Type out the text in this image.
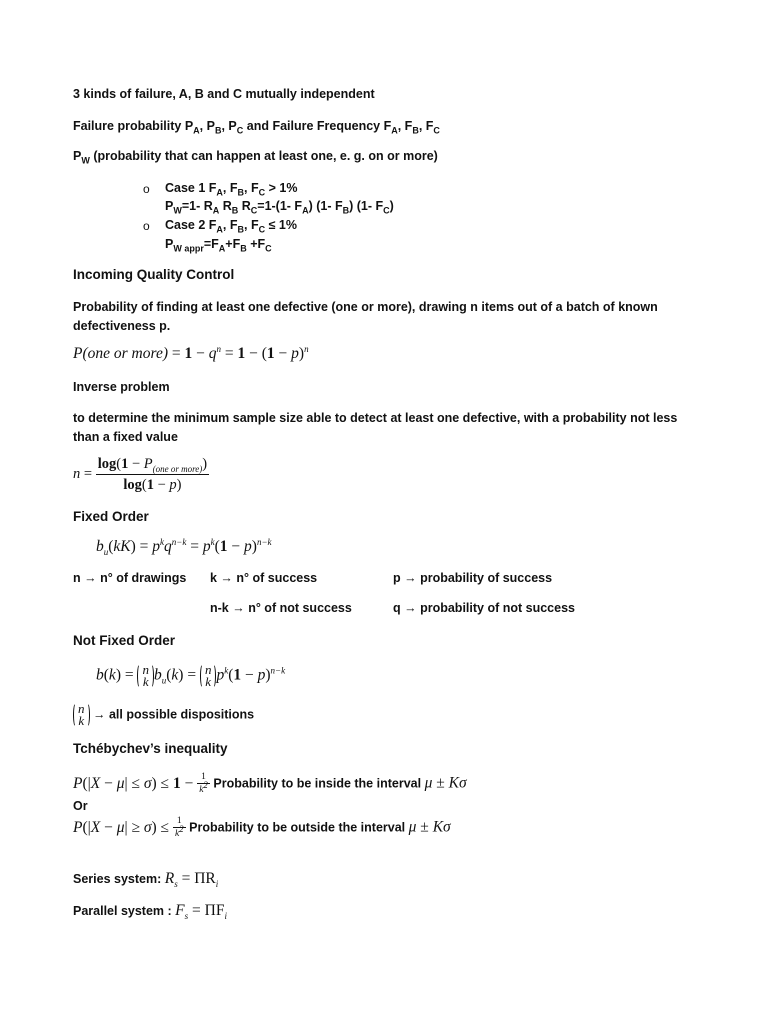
3 kinds of failure, A, B and C mutually independent
Failure probability $P_A$, $P_B$, $P_C$ and Failure Frequency $F_A$, $F_B$, $F_C$
$P_W$ (probability that can happen at least one, e. g. on or more)
o Case 1 $F_A$, $F_B$, $F_C > 1\%$
$P_W=1-$ $R_A$ $R_B$ $R_C=1-(1-$ $F_A$) (1- $F_B$) (1- $F_C$)
o Case 2 $F_A$, $F_B$, $F_C \le 1\%$
$P_{W appr}=F_A+F_B +F_C$
Incoming Quality Control
Probability of finding at least one defective (one or more), drawing n items out of a batch of known
defectiveness p.
P(one or more) = $1 - q^n = 1 - (1 - p)^n$
Inverse problem
to determine the minimum sample size able to detect at least one defective, with a probability not less
than a fixed value
$n = \frac{\log(1 - P_{(one or more)})}{\log(1 - p)}$
Fixed Order
$b_u(kK) = p^kq^{n-k} = p^k(1 - p)^{n-k}$
n → n° of drawings k → n° of success	p → probability of success
n-k → n° of not success	q → probability of not success
Not Fixed Order
b(k) = n
k $b_u(k) = n$
k $p^k(1 - p)^{n-k}$
n
k → all possible dispositions
Tchébychev’s inequality
$P(|X - \mu| \le \sigma) \le 1 - \frac{1}{k^2}$ Probability to be inside the interval μ ± Kσ
Or
$P(|X - \mu| \ge \sigma) \le \frac{1}{k^2}$ Probability to be outside the interval μ ± Kσ
Series system: $R_s = \Pi R_i$
Parallel system : $F_s = \Pi F_i$
